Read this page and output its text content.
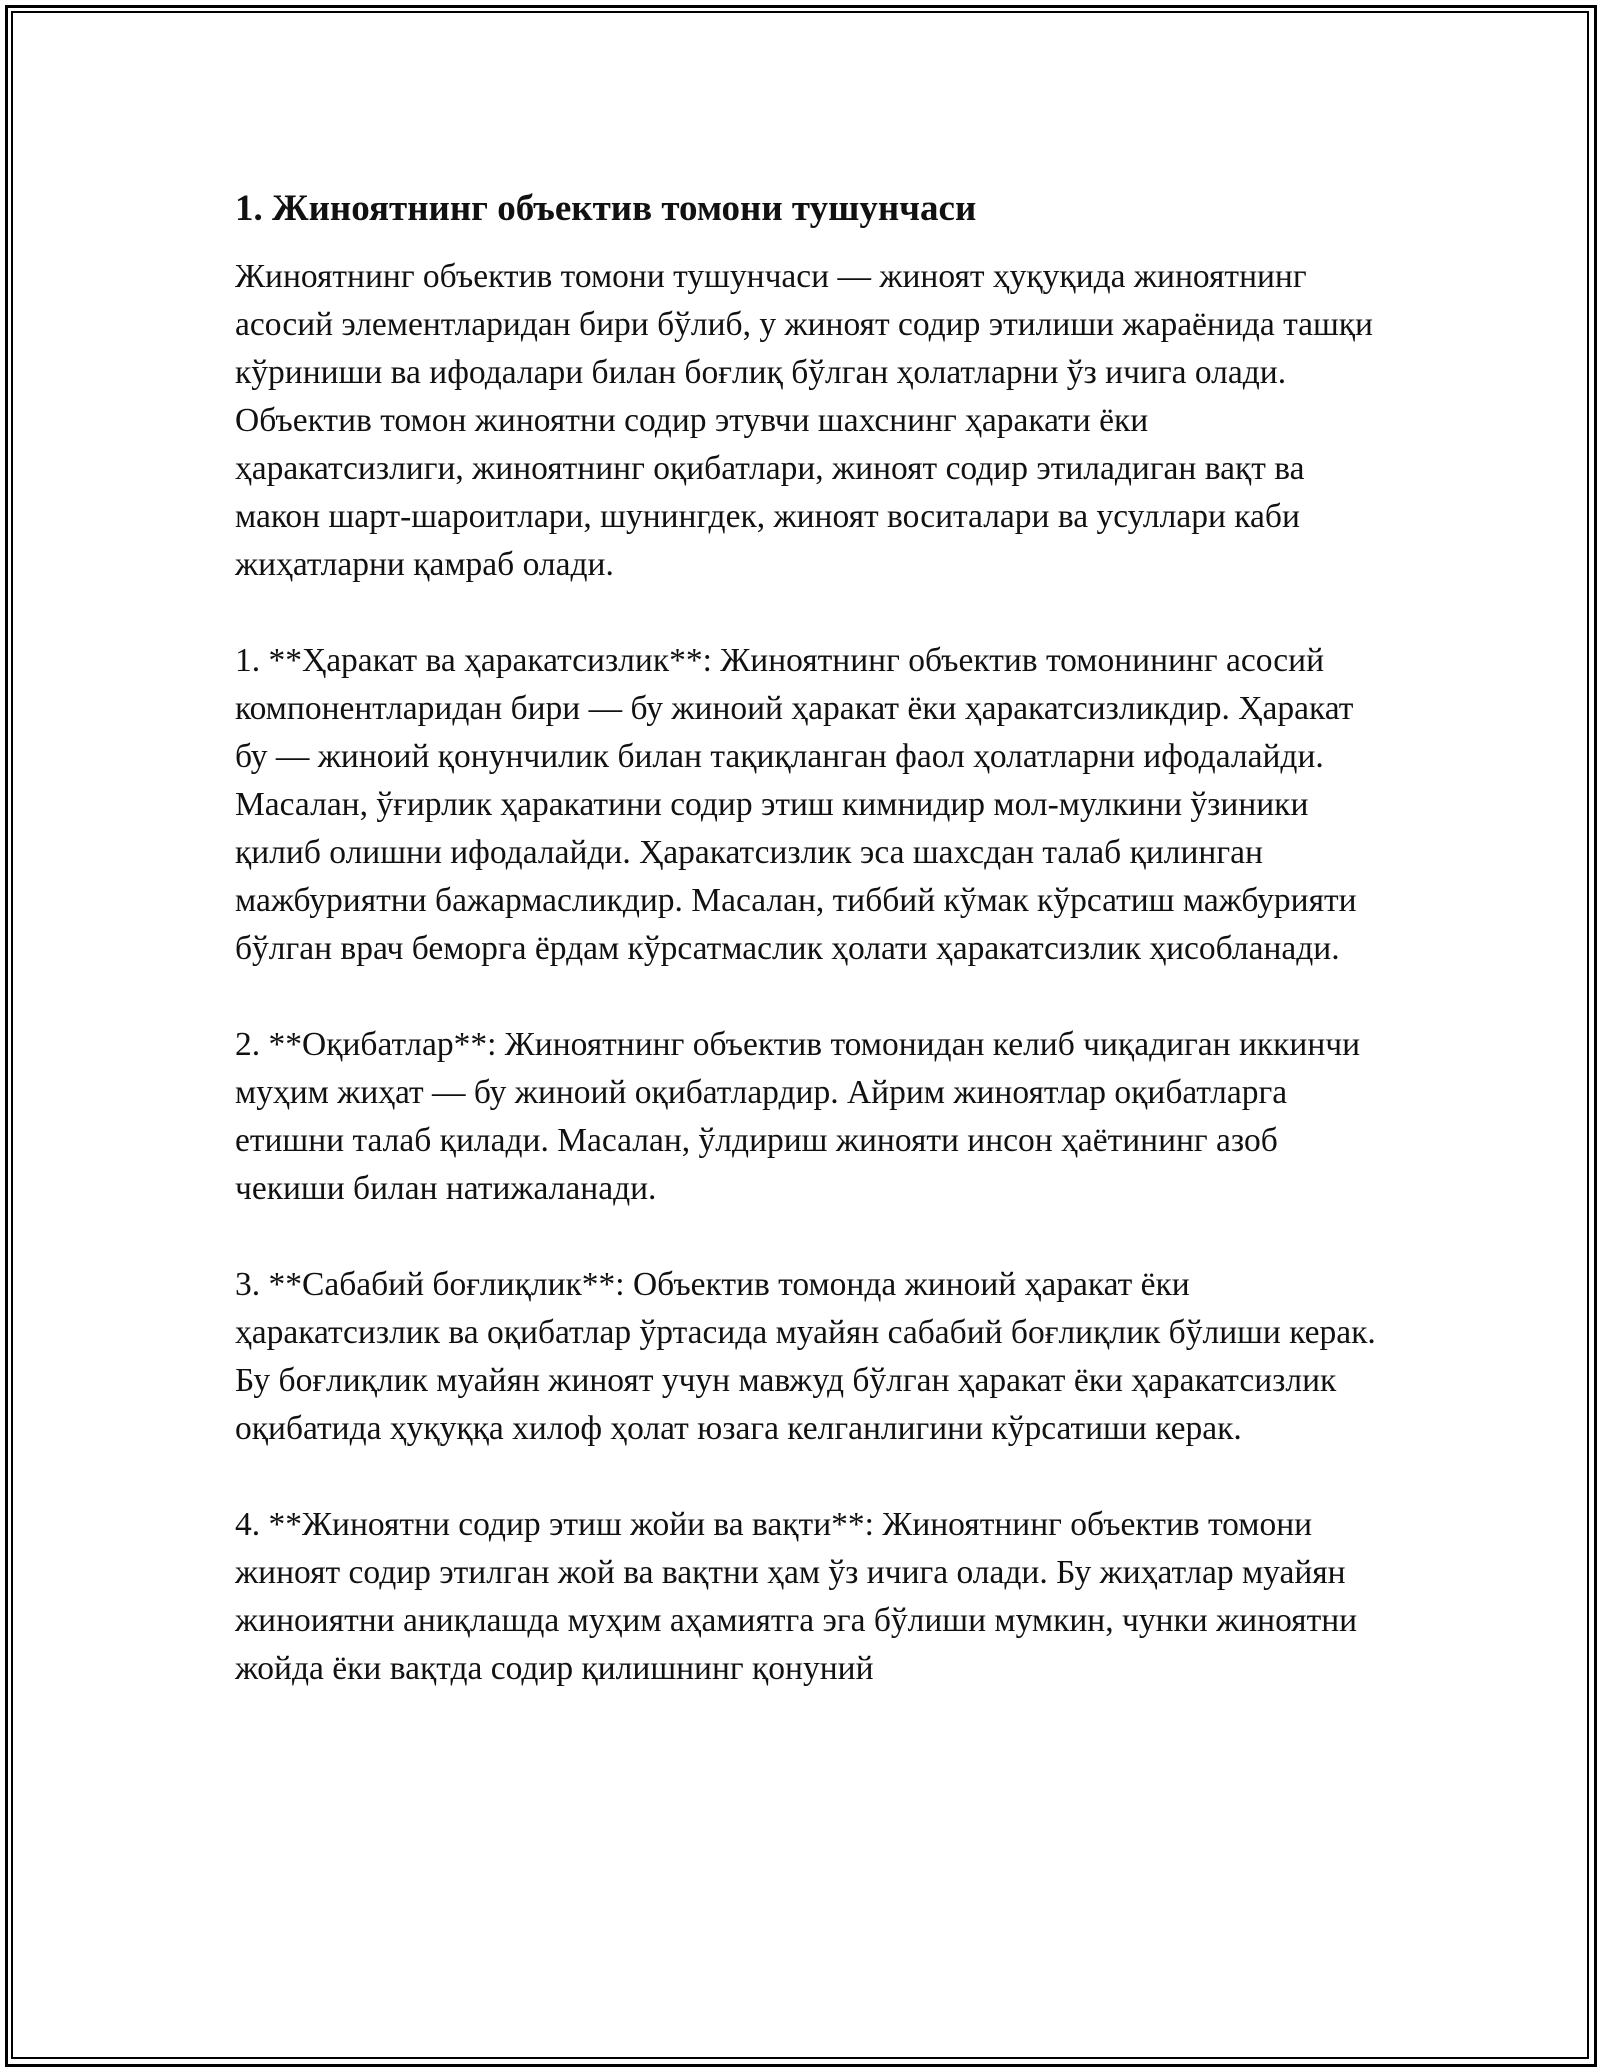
1. Жиноятнинг объектив томони тушунчаси

Жиноятнинг объектив томони тушунчаси — жиноят ҳуқуқида жиноятнинг асосий элементларидан бири бўлиб, у жиноят содир этилиши жараёнида ташқи кўриниши ва ифодалари билан боғлиқ бўлган ҳолатларни ўз ичига олади. Объектив томон жиноятни содир этувчи шахснинг ҳаракати ёки ҳаракатсизлиги, жиноятнинг оқибатлари, жиноят содир этиладиган вақт ва макон шарт-шароитлари, шунингдек, жиноят воситалари ва усуллари каби жиҳатларни қамраб олади.

1. **Ҳаракат ва ҳаракатсизлик**: Жиноятнинг объектив томонининг асосий компонентларидан бири — бу жиноий ҳаракат ёки ҳаракатсизликдир. Ҳаракат бу — жиноий қонунчилик билан тақиқланган фаол ҳолатларни ифодалайди. Масалан, ўғирлик ҳаракатини содир этиш кимнидир мол-мулкини ўзиники қилиб олишни ифодалайди. Ҳаракатсизлик эса шахсдан талаб қилинган мажбуриятни бажармасликдир. Масалан, тиббий кўмак кўрсатиш мажбурияти бўлган врач беморга ёрдам кўрсатмаслик ҳолати ҳаракатсизлик ҳисобланади.

2. **Оқибатлар**: Жиноятнинг объектив томонидан келиб чиқадиган иккинчи муҳим жиҳат — бу жиноий оқибатлардир. Айрим жиноятлар оқибатларга етишни талаб қилади. Масалан, ўлдириш жинояти инсон ҳаётининг азоб чекиши билан натижаланади.

3. **Сабабий боғлиқлик**: Объектив томонда жиноий ҳаракат ёки ҳаракатсизлик ва оқибатлар ўртасида муайян сабабий боғлиқлик бўлиши керак. Бу боғлиқлик муайян жиноят учун мавжуд бўлган ҳаракат ёки ҳаракатсизлик оқибатида ҳуқуққа хилоф ҳолат юзага келганлигини кўрсатиши керак.

4. **Жиноятни содир этиш жойи ва вақти**: Жиноятнинг объектив томони жиноят содир этилган жой ва вақтни ҳам ўз ичига олади. Бу жиҳатлар муайян жиноиятни аниқлашда муҳим аҳамиятга эга бўлиши мумкин, чунки жиноятни жойда ёки вақтда содир қилишнинг қонуний
